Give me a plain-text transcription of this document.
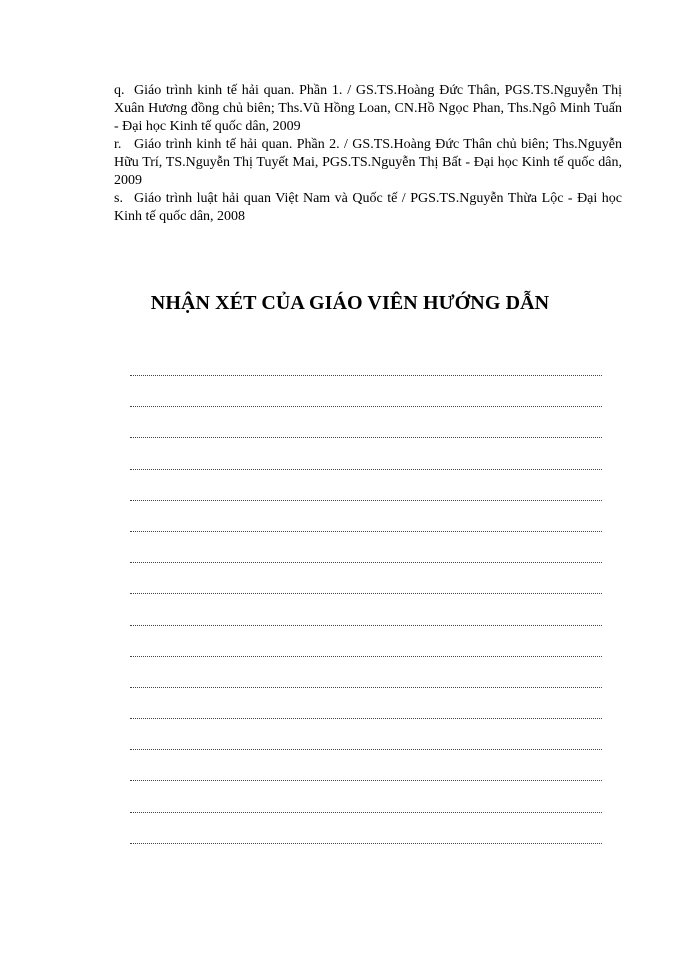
q. Giáo trình kinh tế hải quan. Phần 1. / GS.TS.Hoàng Đức Thân, PGS.TS.Nguyễn Thị Xuân Hương đồng chủ biên; Ths.Vũ Hồng Loan, CN.Hồ Ngọc Phan, Ths.Ngô Minh Tuấn - Đại học Kinh tế quốc dân, 2009

r. Giáo trình kinh tế hải quan. Phần 2. / GS.TS.Hoàng Đức Thân chủ biên; Ths.Nguyễn Hữu Trí, TS.Nguyễn Thị Tuyết Mai, PGS.TS.Nguyễn Thị Bất - Đại học Kinh tế quốc dân, 2009

s. Giáo trình luật hải quan Việt Nam và Quốc tế / PGS.TS.Nguyễn Thừa Lộc - Đại học Kinh tế quốc dân, 2008

NHẬN XÉT CỦA GIÁO VIÊN HƯỚNG DẪN
